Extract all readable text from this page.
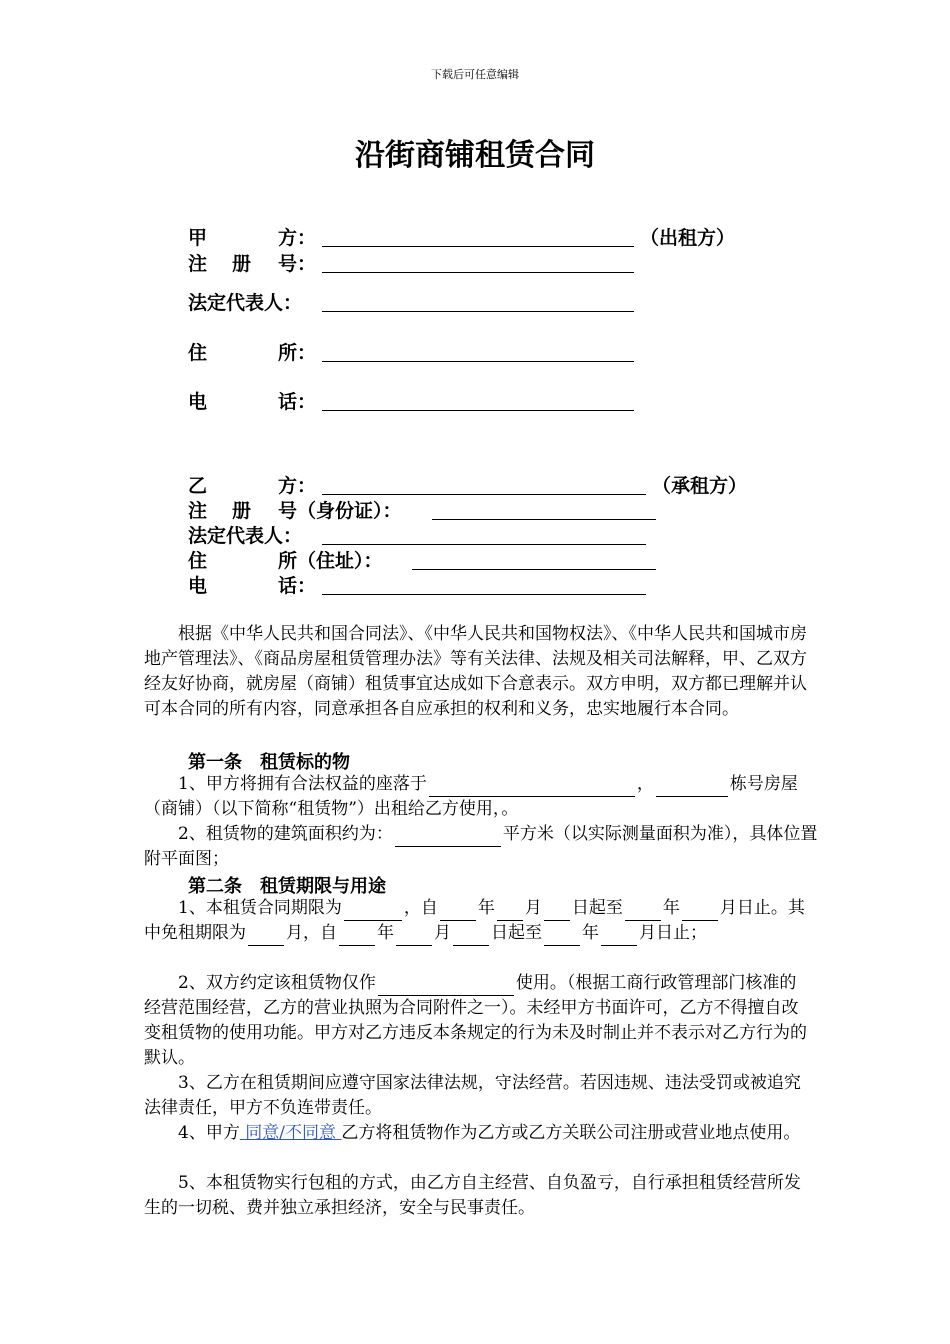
下载后可任意编辑
沿街商铺租赁合同
甲	方：	（出租方）
注 册 号：
法定代表人：
住	所：
电	话：
乙	方：	（承租方）
注 册 号（身份证）：
法定代表人：
住	所（住址）：
电	话：
根据《中华人民共和国合同法》、《中华人民共和国物权法》、《中华人民共和国城市房地产管理法》、《商品房屋租赁管理办法》等有关法律、法规及相关司法解释，甲、乙双方经友好协商，就房屋（商铺）租赁事宜达成如下合意表示。双方申明，双方都已理解并认可本合同的所有内容，同意承担各自应承担的权利和义务，忠实地履行本合同。
第一条　租赁标的物
1、甲方将拥有合法权益的座落于	，	栋号房屋（商铺）（以下简称“租赁物”）出租给乙方使用，。
2、租赁物的建筑面积约为：	平方米（以实际测量面积为准），具体位置附平面图；
第二条　租赁期限与用途
1、本租赁合同期限为	，自 年 月 日起至 年 月日止。其中免租期限为 月，自 年 月 日起至 年 月日止；
2、双方约定该租赁物仅作	使用。（根据工商行政管理部门核准的经营范围经营，乙方的营业执照为合同附件之一）。未经甲方书面许可，乙方不得擅自改变租赁物的使用功能。甲方对乙方违反本条规定的行为未及时制止并不表示对乙方行为的默认。
3、乙方在租赁期间应遵守国家法律法规，守法经营。若因违规、违法受罚或被追究法律责任，甲方不负连带责任。
4、甲方 同意/不同意 乙方将租赁物作为乙方或乙方关联公司注册或营业地点使用。
5、本租赁物实行包租的方式，由乙方自主经营、自负盈亏，自行承担租赁经营所发生的一切税、费并独立承担经济，安全与民事责任。
